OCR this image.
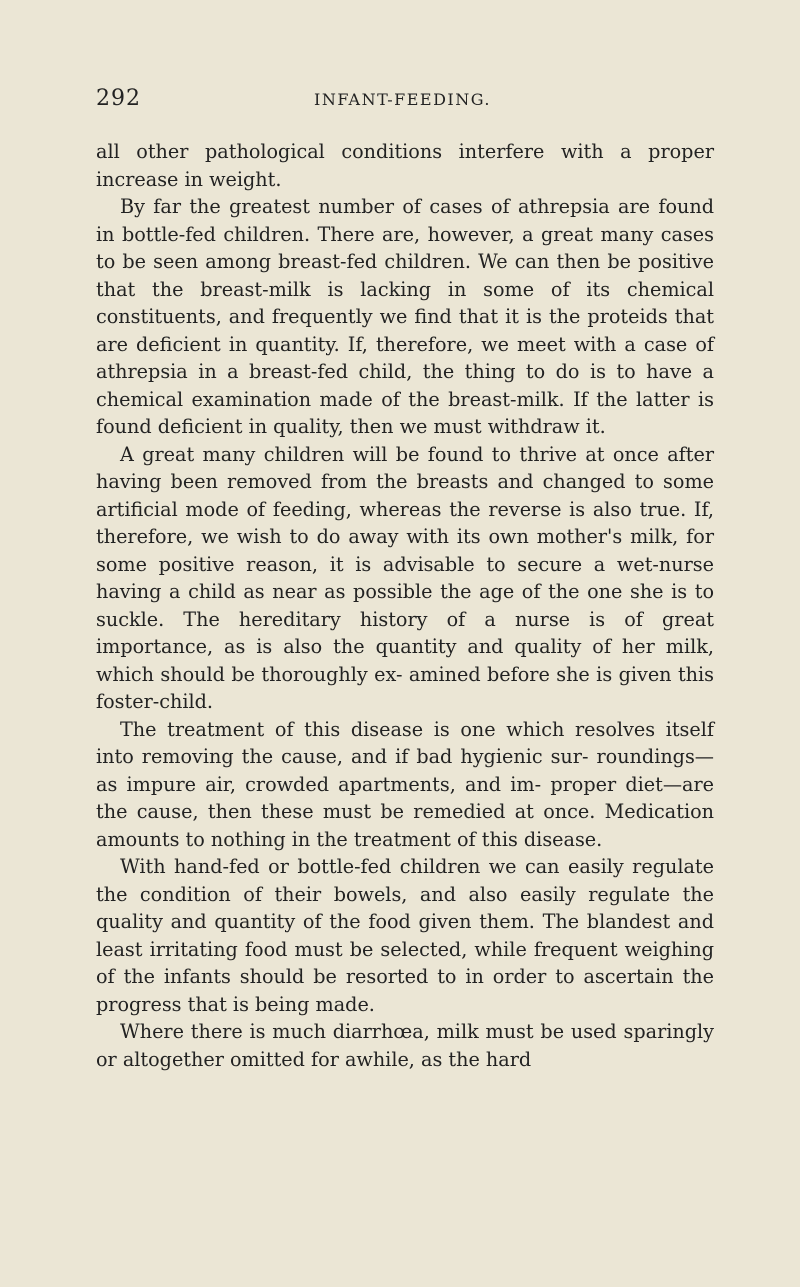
292	INFANT-FEEDING.

all other pathological conditions interfere with a proper increase in weight.

By far the greatest number of cases of athrepsia are found in bottle-fed children. There are, however, a great many cases to be seen among breast-fed children. We can then be positive that the breast-milk is lacking in some of its chemical constituents, and frequently we find that it is the proteids that are deficient in quantity. If, therefore, we meet with a case of athrepsia in a breast-fed child, the thing to do is to have a chemical examination made of the breast-milk. If the latter is found deficient in quality, then we must withdraw it.

A great many children will be found to thrive at once after having been removed from the breasts and changed to some artificial mode of feeding, whereas the reverse is also true. If, therefore, we wish to do away with its own mother's milk, for some positive reason, it is advisable to secure a wet-nurse having a child as near as possible the age of the one she is to suckle. The hereditary history of a nurse is of great importance, as is also the quantity and quality of her milk, which should be thoroughly ex- amined before she is given this foster-child.

The treatment of this disease is one which resolves itself into removing the cause, and if bad hygienic sur- roundings—as impure air, crowded apartments, and im- proper diet—are the cause, then these must be remedied at once. Medication amounts to nothing in the treatment of this disease.

With hand-fed or bottle-fed children we can easily regulate the condition of their bowels, and also easily regulate the quality and quantity of the food given them. The blandest and least irritating food must be selected, while frequent weighing of the infants should be resorted to in order to ascertain the progress that is being made.

Where there is much diarrhœa, milk must be used sparingly or altogether omitted for awhile, as the hard
